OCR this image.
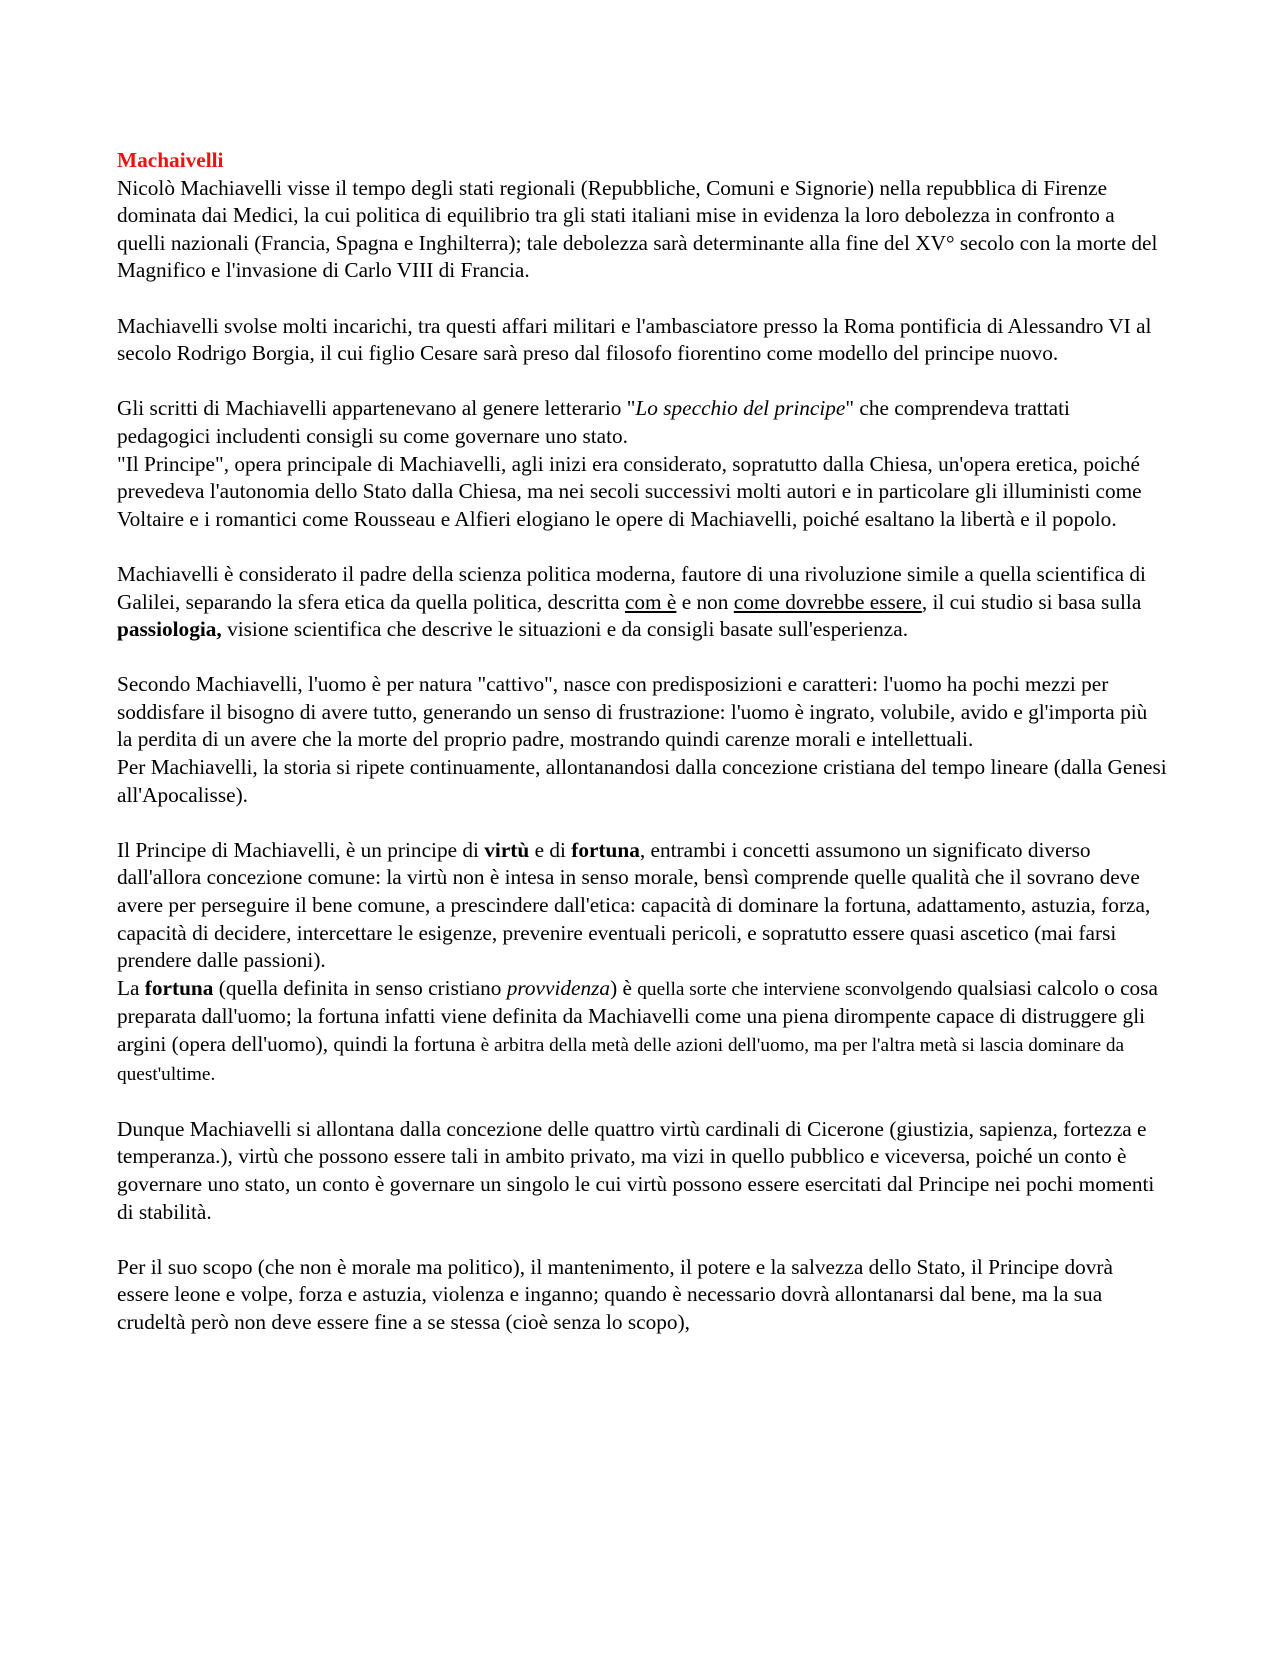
Machaivelli

Nicolò Machiavelli visse il tempo degli stati regionali (Repubbliche, Comuni e Signorie) nella repubblica di Firenze dominata dai Medici, la cui politica di equilibrio tra gli stati italiani mise in evidenza la loro debolezza in confronto a quelli nazionali (Francia, Spagna e Inghilterra); tale debolezza sarà determinante alla fine del XV° secolo con la morte del Magnifico e l'invasione di Carlo VIII di Francia.

Machiavelli svolse molti incarichi, tra questi affari militari e l'ambasciatore presso la Roma pontificia di Alessandro VI al secolo Rodrigo Borgia, il cui figlio Cesare sarà preso dal filosofo fiorentino come modello del principe nuovo.

Gli scritti di Machiavelli appartenevano al genere letterario "Lo specchio del principe" che comprendeva trattati pedagogici includenti consigli su come governare uno stato.

"Il Principe", opera principale di Machiavelli, agli inizi era considerato, sopratutto dalla Chiesa, un'opera eretica, poiché prevedeva l'autonomia dello Stato dalla Chiesa, ma nei secoli successivi molti autori e in particolare gli illuministi come Voltaire e i romantici come Rousseau e Alfieri elogiano le opere di Machiavelli, poiché esaltano la libertà e il popolo.

Machiavelli è considerato il padre della scienza politica moderna, fautore di una rivoluzione simile a quella scientifica di Galilei, separando la sfera etica da quella politica, descritta com è e non come dovrebbe essere, il cui studio si basa sulla passiologia, visione scientifica che descrive le situazioni e da consigli basate sull'esperienza.

Secondo Machiavelli, l'uomo è per natura "cattivo", nasce con predisposizioni e caratteri: l'uomo ha pochi mezzi per soddisfare il bisogno di avere tutto, generando un senso di frustrazione: l'uomo è ingrato, volubile, avido e gl'importa più la perdita di un avere che la morte del proprio padre, mostrando quindi carenze morali e intellettuali.

Per Machiavelli, la storia si ripete continuamente, allontanandosi dalla concezione cristiana del tempo lineare (dalla Genesi all'Apocalisse).

Il Principe di Machiavelli, è un principe di virtù e di fortuna, entrambi i concetti assumono un significato diverso dall'allora concezione comune: la virtù non è intesa in senso morale, bensì comprende quelle qualità che il sovrano deve avere per perseguire il bene comune, a prescindere dall'etica: capacità di dominare la fortuna, adattamento, astuzia, forza, capacità di decidere, intercettare le esigenze, prevenire eventuali pericoli, e sopratutto essere quasi ascetico (mai farsi prendere dalle passioni).

La fortuna (quella definita in senso cristiano provvidenza) è quella sorte che interviene sconvolgendo qualsiasi calcolo o cosa preparata dall'uomo; la fortuna infatti viene definita da Machiavelli come una piena dirompente capace di distruggere gli argini (opera dell'uomo), quindi la fortuna è arbitra della metà delle azioni dell'uomo, ma per l'altra metà si lascia dominare da quest'ultime.

Dunque Machiavelli si allontana dalla concezione delle quattro virtù cardinali di Cicerone (giustizia, sapienza, fortezza e temperanza.), virtù che possono essere tali in ambito privato, ma vizi in quello pubblico e viceversa, poiché un conto è governare uno stato, un conto è governare un singolo le cui virtù possono essere esercitati dal Principe nei pochi momenti di stabilità.

Per il suo scopo (che non è morale ma politico), il mantenimento, il potere e la salvezza dello Stato, il Principe dovrà essere leone e volpe, forza e astuzia, violenza e inganno; quando è necessario dovrà allontanarsi dal bene, ma la sua crudeltà però non deve essere fine a se stessa (cioè senza lo scopo),
